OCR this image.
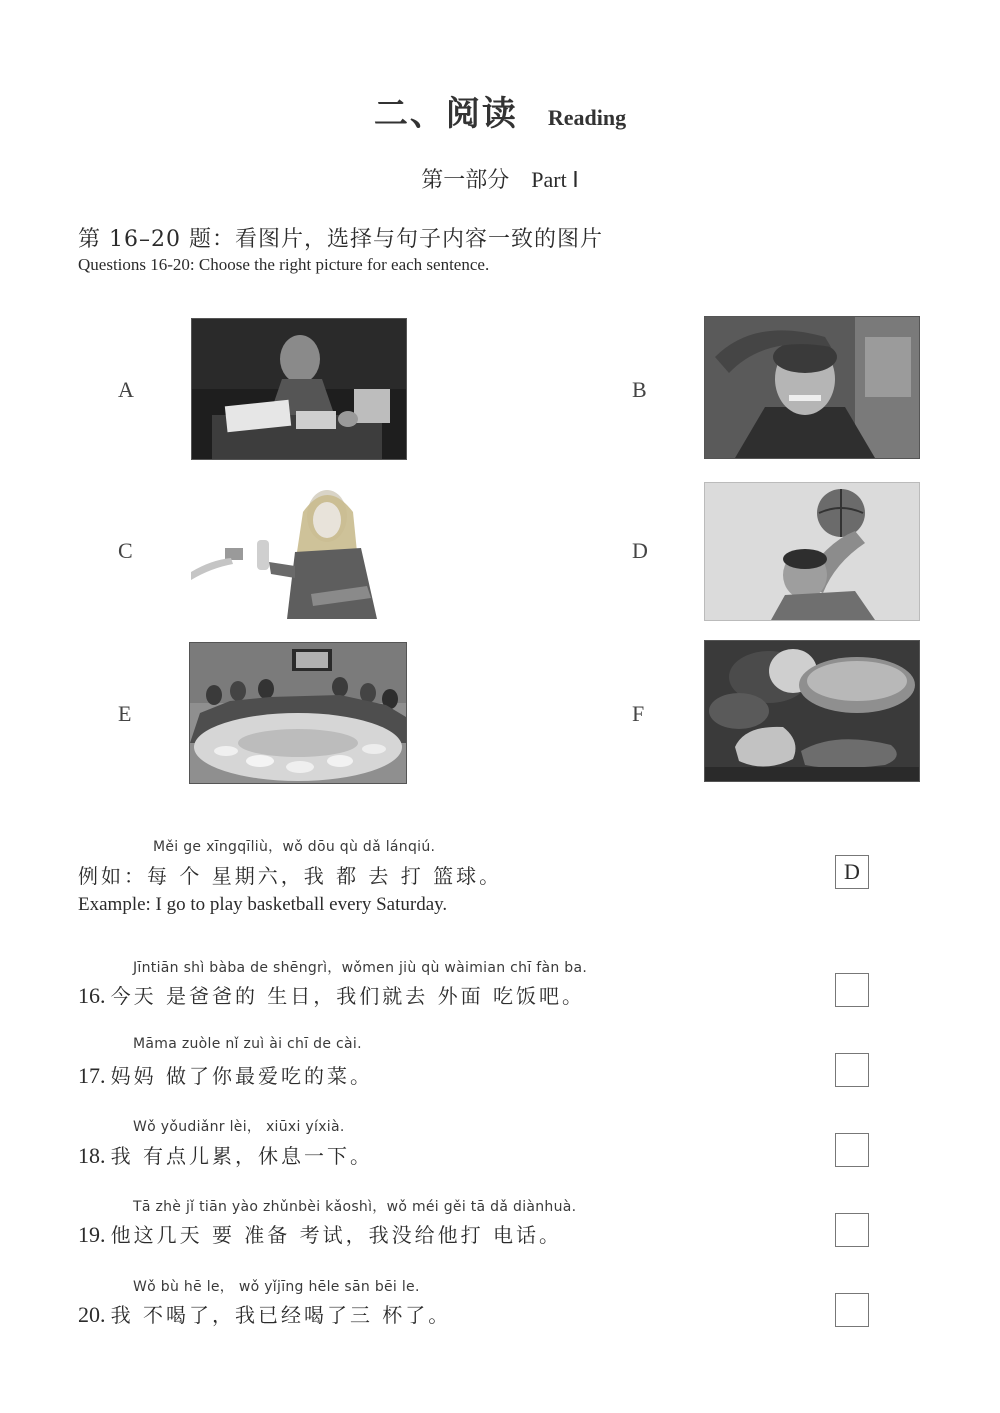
二、阅读 Reading
第一部分 Part Ⅰ
第 16–20 题：看图片，选择与句子内容一致的图片
Questions 16-20: Choose the right picture for each sentence.
A	B
C	D
E	F
Měi ge xīngqīliù，wǒ dōu qù dǎ lánqiú.
例如：每 个 星期六，我 都 去 打 篮球。
Example: I go to play basketball every Saturday.
D
Jīntiān shì bàba de shēngrì，wǒmen jiù qù wàimian chī fàn ba.
16. 今天 是爸爸的 生日，我们就去 外面 吃饭吧。
Māma zuòle nǐ zuì ài chī de cài.
17. 妈妈 做了你最爱吃的菜。
Wǒ yǒudiǎnr lèi， xiūxi yíxià.
18. 我 有点儿累，休息一下。
Tā zhè jǐ tiān yào zhǔnbèi kǎoshì，wǒ méi gěi tā dǎ diànhuà.
19. 他这几天 要 准备 考试，我没给他打 电话。
Wǒ bù hē le， wǒ yǐjīng hēle sān bēi le.
20. 我 不喝了，我已经喝了三 杯了。
